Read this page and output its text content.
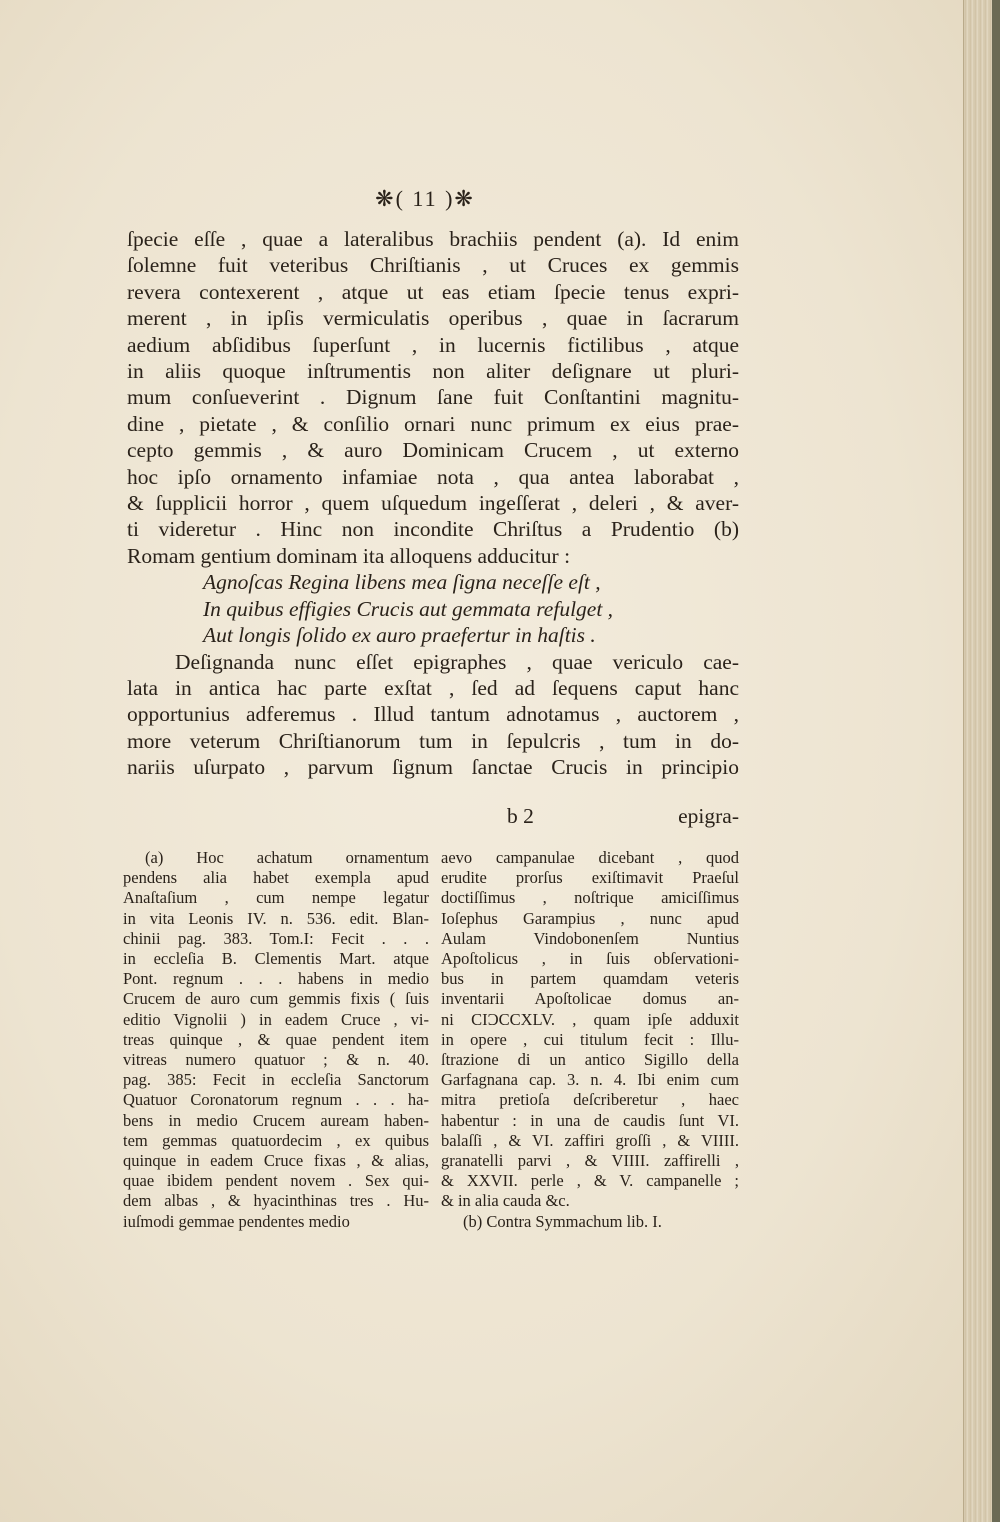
❋( 11 )❋
ſpecie eſſe , quae a lateralibus brachiis pendent (a). Id enim
ſolemne fuit veteribus Chriſtianis , ut Cruces ex gemmis
revera contexerent , atque ut eas etiam ſpecie tenus expri-
merent , in ipſis vermiculatis operibus , quae in ſacrarum
aedium abſidibus ſuperſunt , in lucernis fictilibus , atque
in aliis quoque inſtrumentis non aliter deſignare ut pluri-
mum conſueverint . Dignum ſane fuit Conſtantini magnitu-
dine , pietate , & conſilio ornari nunc primum ex eius prae-
cepto gemmis , & auro Dominicam Crucem , ut externo
hoc ipſo ornamento infamiae nota , qua antea laborabat ,
& ſupplicii horror , quem uſquedum ingeſſerat , deleri , & aver-
ti videretur . Hinc non incondite Chriſtus a Prudentio (b)
Romam gentium dominam ita alloquens adducitur :
Agnoſcas Regina libens mea ſigna neceſſe eſt ,
In quibus effigies Crucis aut gemmata refulget ,
Aut longis ſolido ex auro praefertur in haſtis .
Deſignanda nunc eſſet epigraphes , quae vericulo cae-
lata in antica hac parte exſtat , ſed ad ſequens caput hanc
opportunius adferemus . Illud tantum adnotamus , auctorem ,
more veterum Chriſtianorum tum in ſepulcris , tum in do-
nariis uſurpato , parvum ſignum ſanctae Crucis in principio
b 2	epigra-
(a) Hoc achatum ornamentum
pendens alia habet exempla apud
Anaſtaſium , cum nempe legatur
in vita Leonis IV. n. 536. edit. Blan-
chinii pag. 383. Tom.I: Fecit . . .
in eccleſia B. Clementis Mart. atque
Pont. regnum . . . habens in medio
Crucem de auro cum gemmis fixis ( ſuis
editio Vignolii ) in eadem Cruce , vi-
treas quinque , & quae pendent item
vitreas numero quatuor ; & n. 40.
pag. 385: Fecit in eccleſia Sanctorum
Quatuor Coronatorum regnum . . . ha-
bens in medio Crucem auream haben-
tem gemmas quatuordecim , ex quibus
quinque in eadem Cruce fixas , & alias,
quae ibidem pendent novem . Sex qui-
dem albas , & hyacinthinas tres . Hu-
iuſmodi gemmae pendentes medio
aevo campanulae dicebant , quod
erudite prorſus exiſtimavit Praeſul
doctiſſimus , noſtrique amiciſſimus
Ioſephus Garampius , nunc apud
Aulam Vindobonenſem Nuntius
Apoſtolicus , in ſuis obſervationi-
bus in partem quamdam veteris
inventarii Apoſtolicae domus an-
ni CIƆCCXLV. , quam ipſe adduxit
in opere , cui titulum fecit : Illu-
ſtrazione di un antico Sigillo della
Garfagnana cap. 3. n. 4. Ibi enim cum
mitra pretioſa deſcriberetur , haec
habentur : in una de caudis ſunt VI.
balaſſi , & VI. zaffiri groſſi , & VIIII.
granatelli parvi , & VIIII. zaffirelli ,
& XXVII. perle , & V. campanelle ;
& in alia cauda &c.
(b) Contra Symmachum lib. I.
